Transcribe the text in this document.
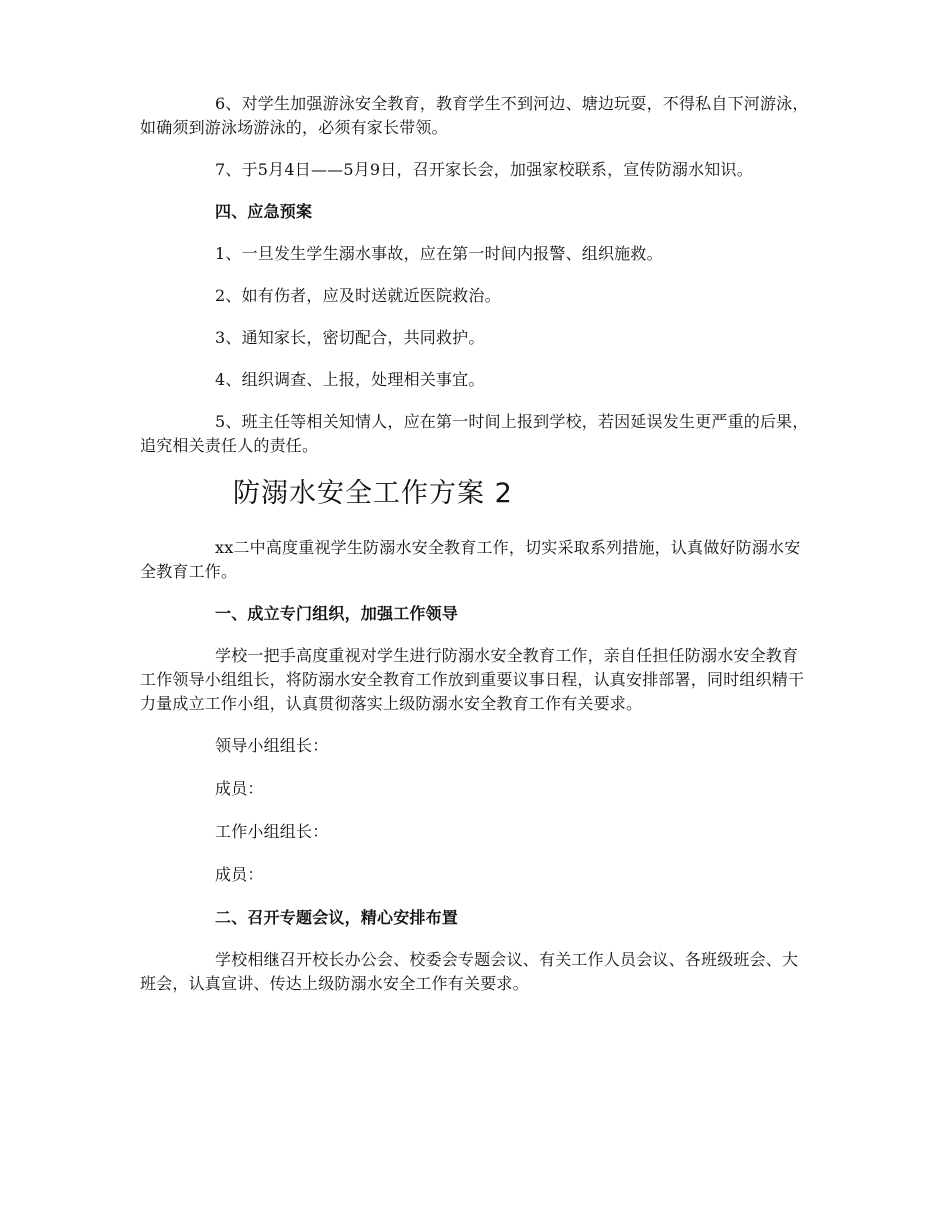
6、对学生加强游泳安全教育，教育学生不到河边、塘边玩耍，不得私自下河游泳，如确须到游泳场游泳的，必须有家长带领。

7、于5月4日——5月9日，召开家长会，加强家校联系，宣传防溺水知识。

四、应急预案

1、一旦发生学生溺水事故，应在第一时间内报警、组织施救。

2、如有伤者，应及时送就近医院救治。

3、通知家长，密切配合，共同救护。

4、组织调查、上报，处理相关事宜。

5、班主任等相关知情人，应在第一时间上报到学校，若因延误发生更严重的后果，追究相关责任人的责任。

防溺水安全工作方案 2

xx二中高度重视学生防溺水安全教育工作，切实采取系列措施，认真做好防溺水安全教育工作。

一、成立专门组织，加强工作领导

学校一把手高度重视对学生进行防溺水安全教育工作，亲自任担任防溺水安全教育工作领导小组组长，将防溺水安全教育工作放到重要议事日程，认真安排部署，同时组织精干力量成立工作小组，认真贯彻落实上级防溺水安全教育工作有关要求。

领导小组组长：

成员：

工作小组组长：

成员：

二、召开专题会议，精心安排布置

学校相继召开校长办公会、校委会专题会议、有关工作人员会议、各班级班会、大班会，认真宣讲、传达上级防溺水安全工作有关要求。
